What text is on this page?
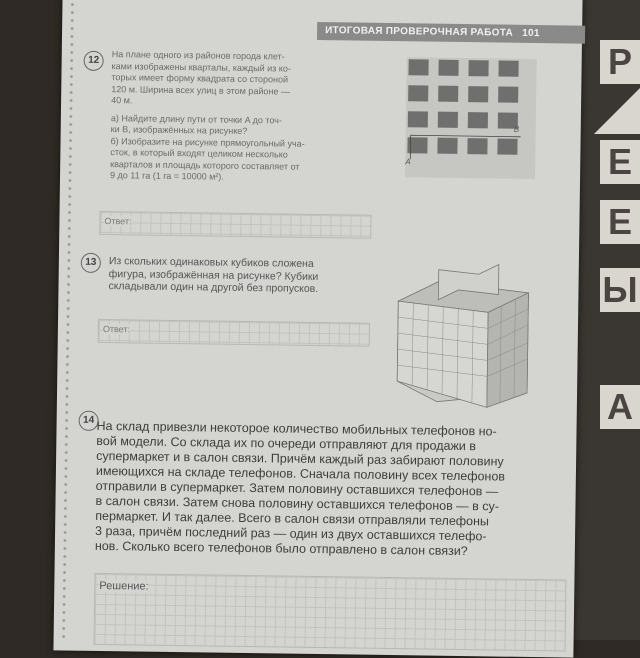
Р
Е
Е
Ы
А
ИТОГОВАЯ ПРОВЕРОЧНАЯ РАБОТА 101
12	На плане одного из районов города клет-
ками изображены кварталы, каждый из ко-
торых имеет форму квадрата со стороной
120 м. Ширина всех улиц в этом районе —
40 м.
а) Найдите длину пути от точки A до точ-
ки B, изображённых на рисунке?
б) Изобразите на рисунке прямоугольный уча-
сток, в который входят целиком несколько
кварталов и площадь которого составляет от
9 до 11 га (1 га = 10000 м²).
A
B
Ответ:
13	Из скольких одинаковых кубиков сложена
фигура, изображённая на рисунке? Кубики
складывали один на другой без пропусков.
Ответ:
14 На склад привезли некоторое количество мобильных телефонов но-
вой модели. Со склада их по очереди отправляют для продажи в
супермаркет и в салон связи. Причём каждый раз забирают половину
имеющихся на складе телефонов. Сначала половину всех телефонов
отправили в супермаркет. Затем половину оставшихся телефонов —
в салон связи. Затем снова половину оставшихся телефонов — в су-
пермаркет. И так далее. Всего в салон связи отправляли телефоны
3 раза, причём последний раз — один из двух оставшихся телефо-
нов. Сколько всего телефонов было отправлено в салон связи?
Решение:
